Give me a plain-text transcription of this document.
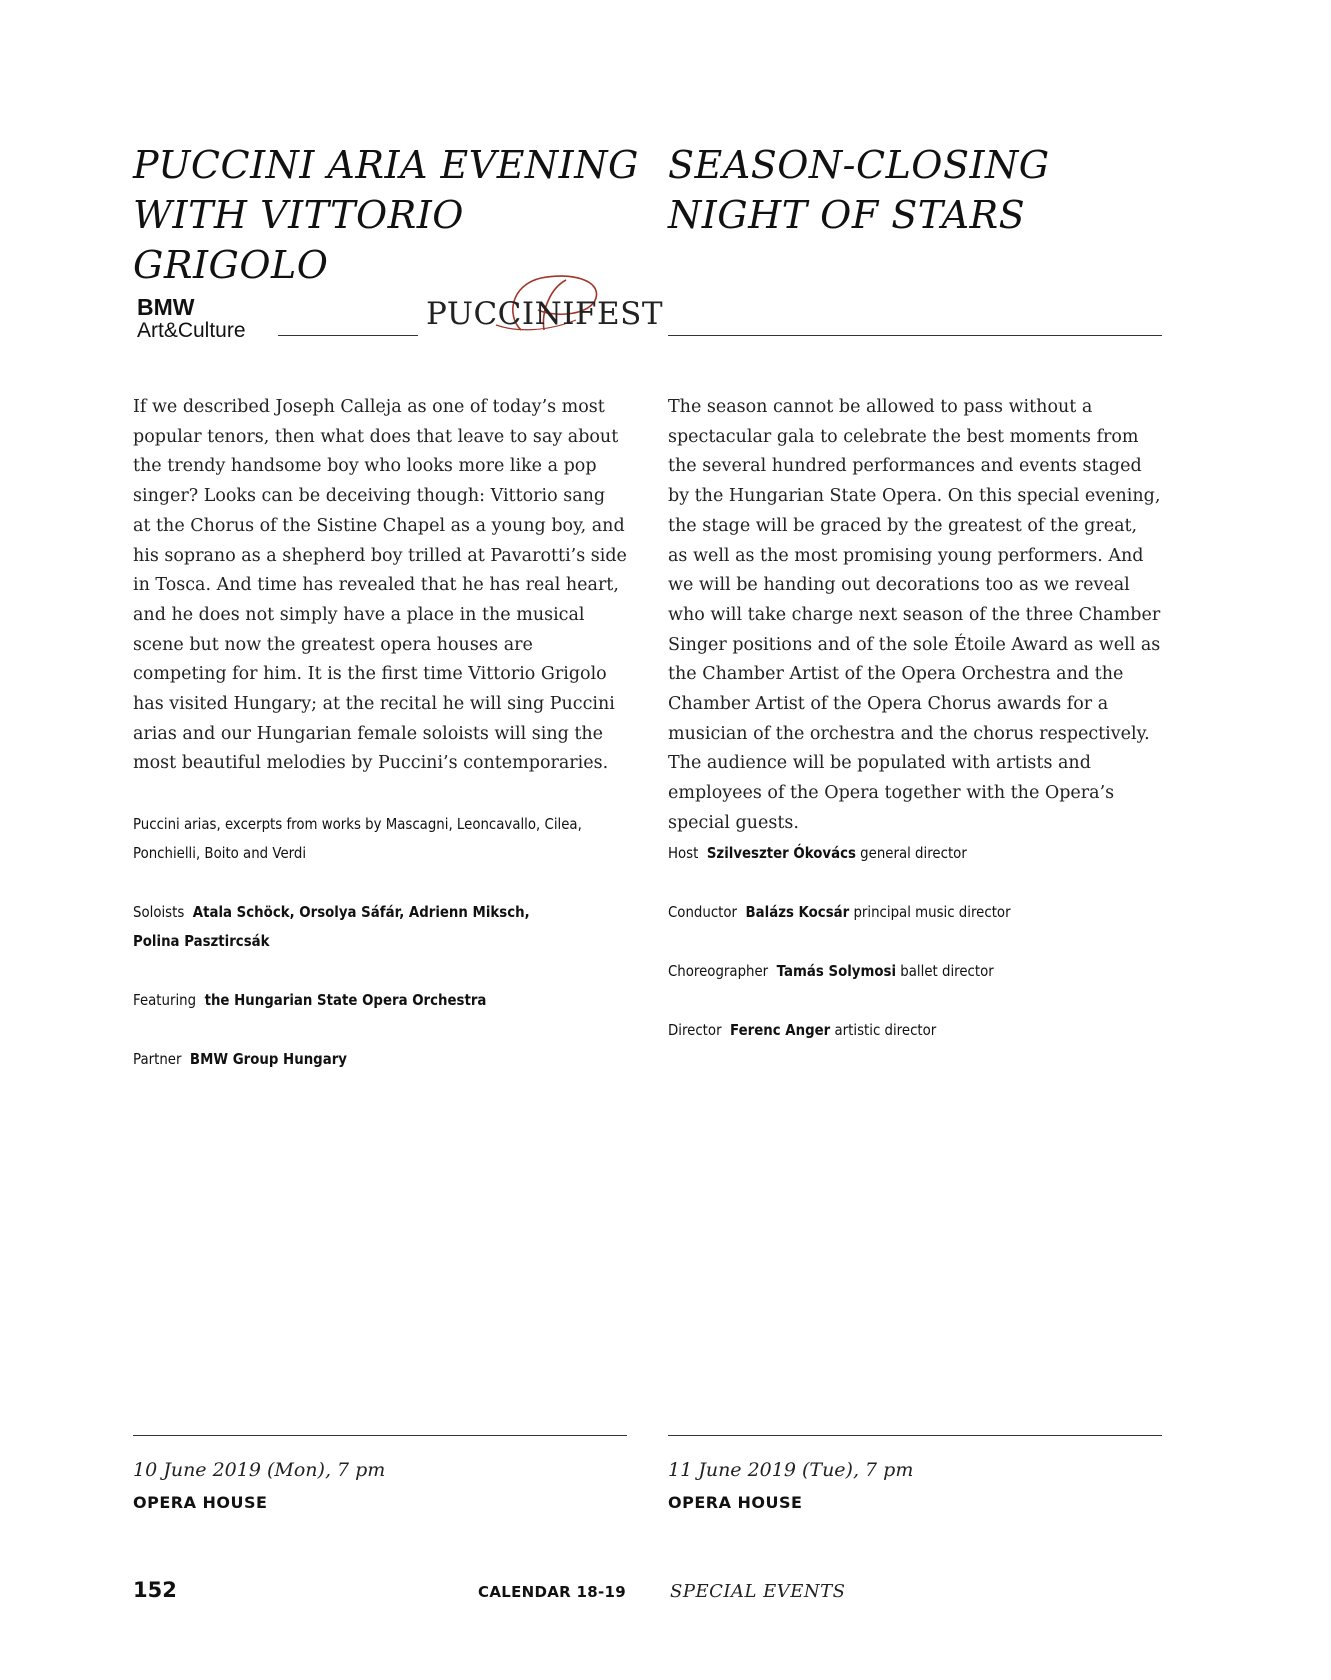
PUCCINI ARIA EVENING
WITH VITTORIO GRIGOLO
BMW
Art&Culture	PUCCINIFEST

If we described Joseph Calleja as one of today’s most popular tenors, then what does that leave to say about the trendy handsome boy who looks more like a pop singer? Looks can be deceiving though: Vittorio sang at the Chorus of the Sistine Chapel as a young boy, and his soprano as a shepherd boy trilled at Pavarotti’s side in Tosca. And time has revealed that he has real heart, and he does not simply have a place in the musical scene but now the greatest opera houses are competing for him. It is the first time Vittorio Grigolo has visited Hungary; at the recital he will sing Puccini arias and our Hungarian female soloists will sing the most beautiful melodies by Puccini’s contemporaries.

Puccini arias, excerpts from works by Mascagni, Leoncavallo, Cilea,
Ponchielli, Boito and Verdi
Soloists Atala Schöck, Orsolya Sáfár, Adrienn Miksch,
Polina Pasztircsák
Featuring the Hungarian State Opera Orchestra
Partner BMW Group Hungary
10 June 2019 (Mon), 7 pm
OPERA HOUSE
SEASON-CLOSING
NIGHT OF STARS

The season cannot be allowed to pass without a spectacular gala to celebrate the best moments from the several hundred performances and events staged by the Hungarian State Opera. On this special evening, the stage will be graced by the greatest of the great, as well as the most promising young performers. And we will be handing out decorations too as we reveal who will take charge next season of the three Chamber Singer positions and of the sole Étoile Award as well as the Chamber Artist of the Opera Orchestra and the Chamber Artist of the Opera Chorus awards for a musician of the orchestra and the chorus respectively. The audience will be populated with artists and employees of the Opera together with the Opera’s special guests.

Host Szilveszter Ókovács general director
Conductor Balázs Kocsár principal music director
Choreographer Tamás Solymosi ballet director
Director Ferenc Anger artistic director
11 June 2019 (Tue), 7 pm
OPERA HOUSE
152	CALENDAR 18-19 SPECIAL EVENTS
